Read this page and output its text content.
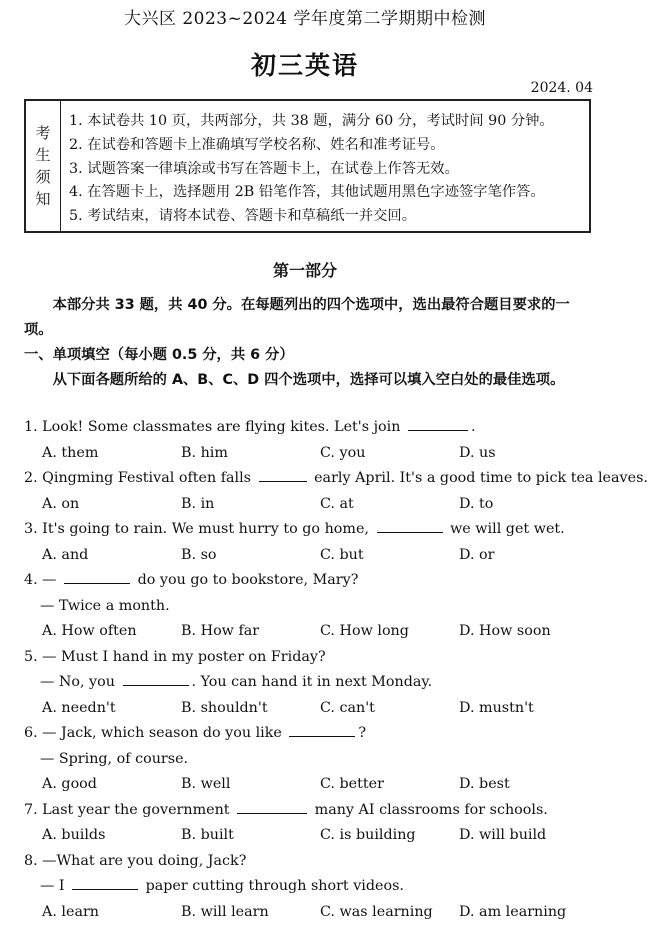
大兴区 2023~2024 学年度第二学期期中检测
初三英语
2024. 04
考
生
须
知
1. 本试卷共 10 页，共两部分，共 38 题，满分 60 分，考试时间 90 分钟。
2. 在试卷和答题卡上准确填写学校名称、姓名和准考证号。
3. 试题答案一律填涂或书写在答题卡上，在试卷上作答无效。
4. 在答题卡上，选择题用 2B 铅笔作答，其他试题用黑色字迹签字笔作答。
5. 考试结束，请将本试卷、答题卡和草稿纸一并交回。
第一部分
本部分共 33 题，共 40 分。在每题列出的四个选项中，选出最符合题目要求的一项。
一、单项填空（每小题 0.5 分，共 6 分）
从下面各题所给的 A、B、C、D 四个选项中，选择可以填入空白处的最佳选项。
1. Look! Some classmates are flying kites. Let's join	.
A. them	B. him	C. you	D. us
2. Qingming Festival often falls	early April. It's a good time to pick tea leaves.
A. on	B. in	C. at	D. to
3. It's going to rain. We must hurry to go home,	we will get wet.
A. and	B. so	C. but	D. or
4. —	do you go to bookstore, Mary?
— Twice a month.
A. How often	B. How far	C. How long	D. How soon
5. — Must I hand in my poster on Friday?
— No, you	. You can hand it in next Monday.
A. needn't	B. shouldn't	C. can't	D. mustn't
6. — Jack, which season do you like	?
— Spring, of course.
A. good	B. well	C. better	D. best
7. Last year the government	many AI classrooms for schools.
A. builds	B. built	C. is building	D. will build
8. —What are you doing, Jack?
— I	paper cutting through short videos.
A. learn	B. will learn	C. was learning	D. am learning
